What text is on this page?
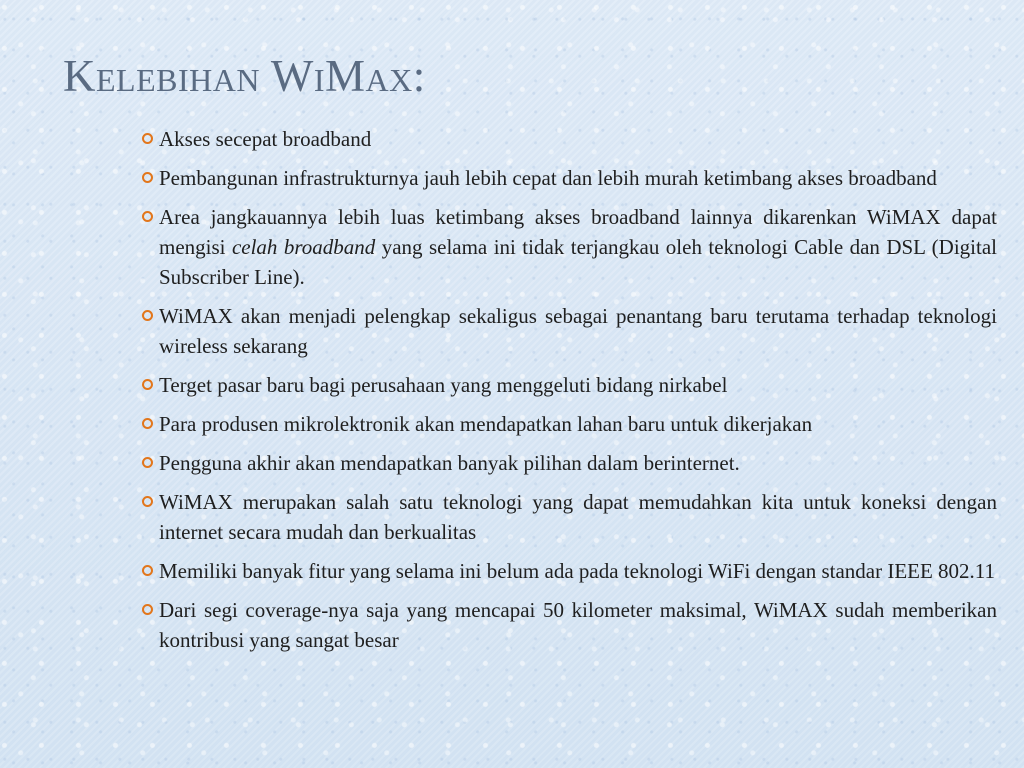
Kelebihan WiMax:
Akses secepat broadband
Pembangunan infrastrukturnya jauh lebih cepat dan lebih murah ketimbang akses broadband
Area jangkauannya lebih luas ketimbang akses broadband lainnya dikarenkan WiMAX dapat mengisi celah broadband yang selama ini tidak terjangkau oleh teknologi Cable dan DSL (Digital Subscriber Line).
WiMAX akan menjadi pelengkap sekaligus sebagai penantang baru terutama terhadap teknologi wireless sekarang
Terget pasar baru bagi perusahaan yang menggeluti bidang nirkabel
Para produsen mikrolektronik akan mendapatkan lahan baru untuk dikerjakan
Pengguna akhir akan mendapatkan banyak pilihan dalam berinternet.
WiMAX merupakan salah satu teknologi yang dapat memudahkan kita untuk koneksi dengan internet secara mudah dan berkualitas
Memiliki banyak fitur yang selama ini belum ada pada teknologi WiFi dengan standar IEEE 802.11
Dari segi coverage-nya saja yang mencapai 50 kilometer maksimal, WiMAX sudah memberikan kontribusi yang sangat besar
